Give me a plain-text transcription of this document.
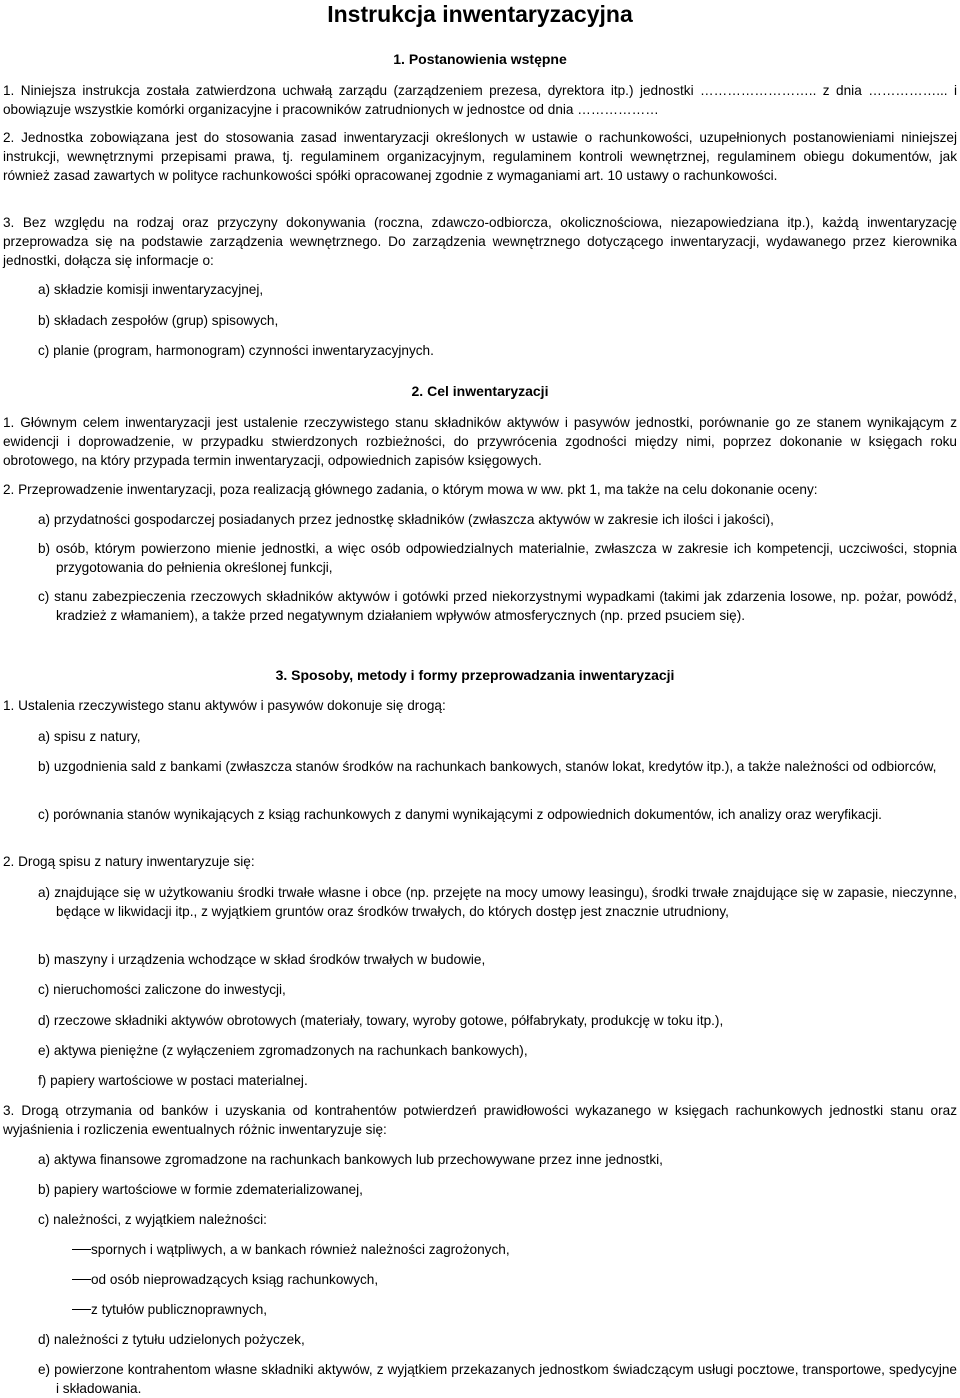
Instrukcja inwentaryzacyjna
1. Postanowienia wstępne

1. Niniejsza instrukcja została zatwierdzona uchwałą zarządu (zarządzeniem prezesa, dyrektora itp.) jednostki …………………….. z dnia ……………... i obowiązuje wszystkie komórki organizacyjne i pracowników zatrudnionych w jednostce od dnia ………………

2. Jednostka zobowiązana jest do stosowania zasad inwentaryzacji określonych w ustawie o rachunkowości, uzupełnionych postanowieniami niniejszej instrukcji, wewnętrznymi przepisami prawa, tj. regulaminem organizacyjnym, regulaminem kontroli wewnętrznej, regulaminem obiegu dokumentów, jak również zasad zawartych w polityce rachunkowości spółki opracowanej zgodnie z wymaganiami art. 10 ustawy o rachunkowości.

3. Bez względu na rodzaj oraz przyczyny dokonywania (roczna, zdawczo-odbiorcza, okolicznościowa, niezapowiedziana itp.), każdą inwentaryzację przeprowadza się na podstawie zarządzenia wewnętrznego. Do zarządzenia wewnętrznego dotyczącego inwentaryzacji, wydawanego przez kierownika jednostki, dołącza się informacje o:

a) składzie komisji inwentaryzacyjnej,

b) składach zespołów (grup) spisowych,

c) planie (program, harmonogram) czynności inwentaryzacyjnych.

2. Cel inwentaryzacji

1. Głównym celem inwentaryzacji jest ustalenie rzeczywistego stanu składników aktywów i pasywów jednostki, porównanie go ze stanem wynikającym z ewidencji i doprowadzenie, w przypadku stwierdzonych rozbieżności, do przywrócenia zgodności między nimi, poprzez dokonanie w księgach roku obrotowego, na który przypada termin inwentaryzacji, odpowiednich zapisów księgowych.

2. Przeprowadzenie inwentaryzacji, poza realizacją głównego zadania, o którym mowa w ww. pkt 1, ma także na celu dokonanie oceny:

a) przydatności gospodarczej posiadanych przez jednostkę składników (zwłaszcza aktywów w zakresie ich ilości i jakości),

b) osób, którym powierzono mienie jednostki, a więc osób odpowiedzialnych materialnie, zwłaszcza w zakresie ich kompetencji, uczciwości, stopnia przygotowania do pełnienia określonej funkcji,

c) stanu zabezpieczenia rzeczowych składników aktywów i gotówki przed niekorzystnymi wypadkami (takimi jak zdarzenia losowe, np. pożar, powódź, kradzież z włamaniem), a także przed negatywnym działaniem wpływów atmosferycznych (np. przed psuciem się).

3. Sposoby, metody i formy przeprowadzania inwentaryzacji

1. Ustalenia rzeczywistego stanu aktywów i pasywów dokonuje się drogą:

a) spisu z natury,

b) uzgodnienia sald z bankami (zwłaszcza stanów środków na rachunkach bankowych, stanów lokat, kredytów itp.), a także należności od odbiorców,

c) porównania stanów wynikających z ksiąg rachunkowych z danymi wynikającymi z odpowiednich dokumentów, ich analizy oraz weryfikacji.

2. Drogą spisu z natury inwentaryzuje się:

a) znajdujące się w użytkowaniu środki trwałe własne i obce (np. przejęte na mocy umowy leasingu), środki trwałe znajdujące się w zapasie, nieczynne, będące w likwidacji itp., z wyjątkiem gruntów oraz środków trwałych, do których dostęp jest znacznie utrudniony,

b) maszyny i urządzenia wchodzące w skład środków trwałych w budowie,

c) nieruchomości zaliczone do inwestycji,

d) rzeczowe składniki aktywów obrotowych (materiały, towary, wyroby gotowe, półfabrykaty, produkcję w toku itp.),

e) aktywa pieniężne (z wyłączeniem zgromadzonych na rachunkach bankowych),

f) papiery wartościowe w postaci materialnej.

3. Drogą otrzymania od banków i uzyskania od kontrahentów potwierdzeń prawidłowości wykazanego w księgach rachunkowych jednostki stanu oraz wyjaśnienia i rozliczenia ewentualnych różnic inwentaryzuje się:

a) aktywa finansowe zgromadzone na rachunkach bankowych lub przechowywane przez inne jednostki,

b) papiery wartościowe w formie zdematerializowanej,

c) należności, z wyjątkiem należności:

spornych i wątpliwych, a w bankach również należności zagrożonych,

od osób nieprowadzących ksiąg rachunkowych,

z tytułów publicznoprawnych,

d) należności z tytułu udzielonych pożyczek,

e) powierzone kontrahentom własne składniki aktywów, z wyjątkiem przekazanych jednostkom świadczącym usługi pocztowe, transportowe, spedycyjne i składowania.
